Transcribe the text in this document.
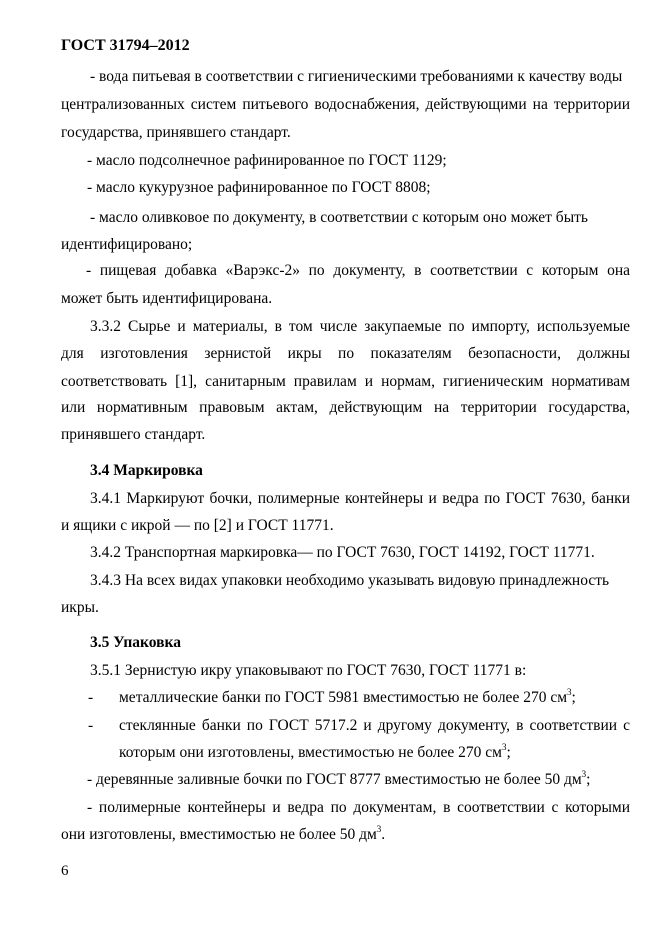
ГОСТ 31794–2012
- вода питьевая в соответствии с гигиеническими требованиями к качеству воды
централизованных систем питьевого водоснабжения, действующими на территории
государства, принявшего стандарт.
- масло подсолнечное рафинированное по ГОСТ 1129;
- масло кукурузное рафинированное по ГОСТ 8808;
- масло оливковое по документу, в соответствии с которым оно может быть
идентифицировано;
- пищевая добавка «Варэкс-2» по документу, в соответствии с которым она
может быть идентифицирована.
3.3.2 Сырье и материалы, в том числе закупаемые по импорту, используемые
для изготовления зернистой икры по показателям безопасности, должны
соответствовать [1], санитарным правилам и нормам, гигиеническим нормативам
или нормативным правовым актам, действующим на территории государства,
принявшего стандарт.
3.4 Маркировка
3.4.1 Маркируют бочки, полимерные контейнеры и ведра по ГОСТ 7630, банки
и ящики с икрой — по [2] и ГОСТ 11771.
3.4.2 Транспортная маркировка— по ГОСТ 7630, ГОСТ 14192, ГОСТ 11771.
3.4.3 На всех видах упаковки необходимо указывать видовую принадлежность
икры.
3.5 Упаковка
3.5.1 Зернистую икру упаковывают по ГОСТ 7630, ГОСТ 11771 в:
- металлические банки по ГОСТ 5981 вместимостью не более 270 $см^3$;
- стеклянные банки по ГОСТ 5717.2 и другому документу, в соответствии с
которым они изготовлены, вместимостью не более 270 $см^3$;
- деревянные заливные бочки по ГОСТ 8777 вместимостью не более 50 $дм^3$;
- полимерные контейнеры и ведра по документам, в соответствии с которыми
они изготовлены, вместимостью не более 50 $дм^3$.
6
